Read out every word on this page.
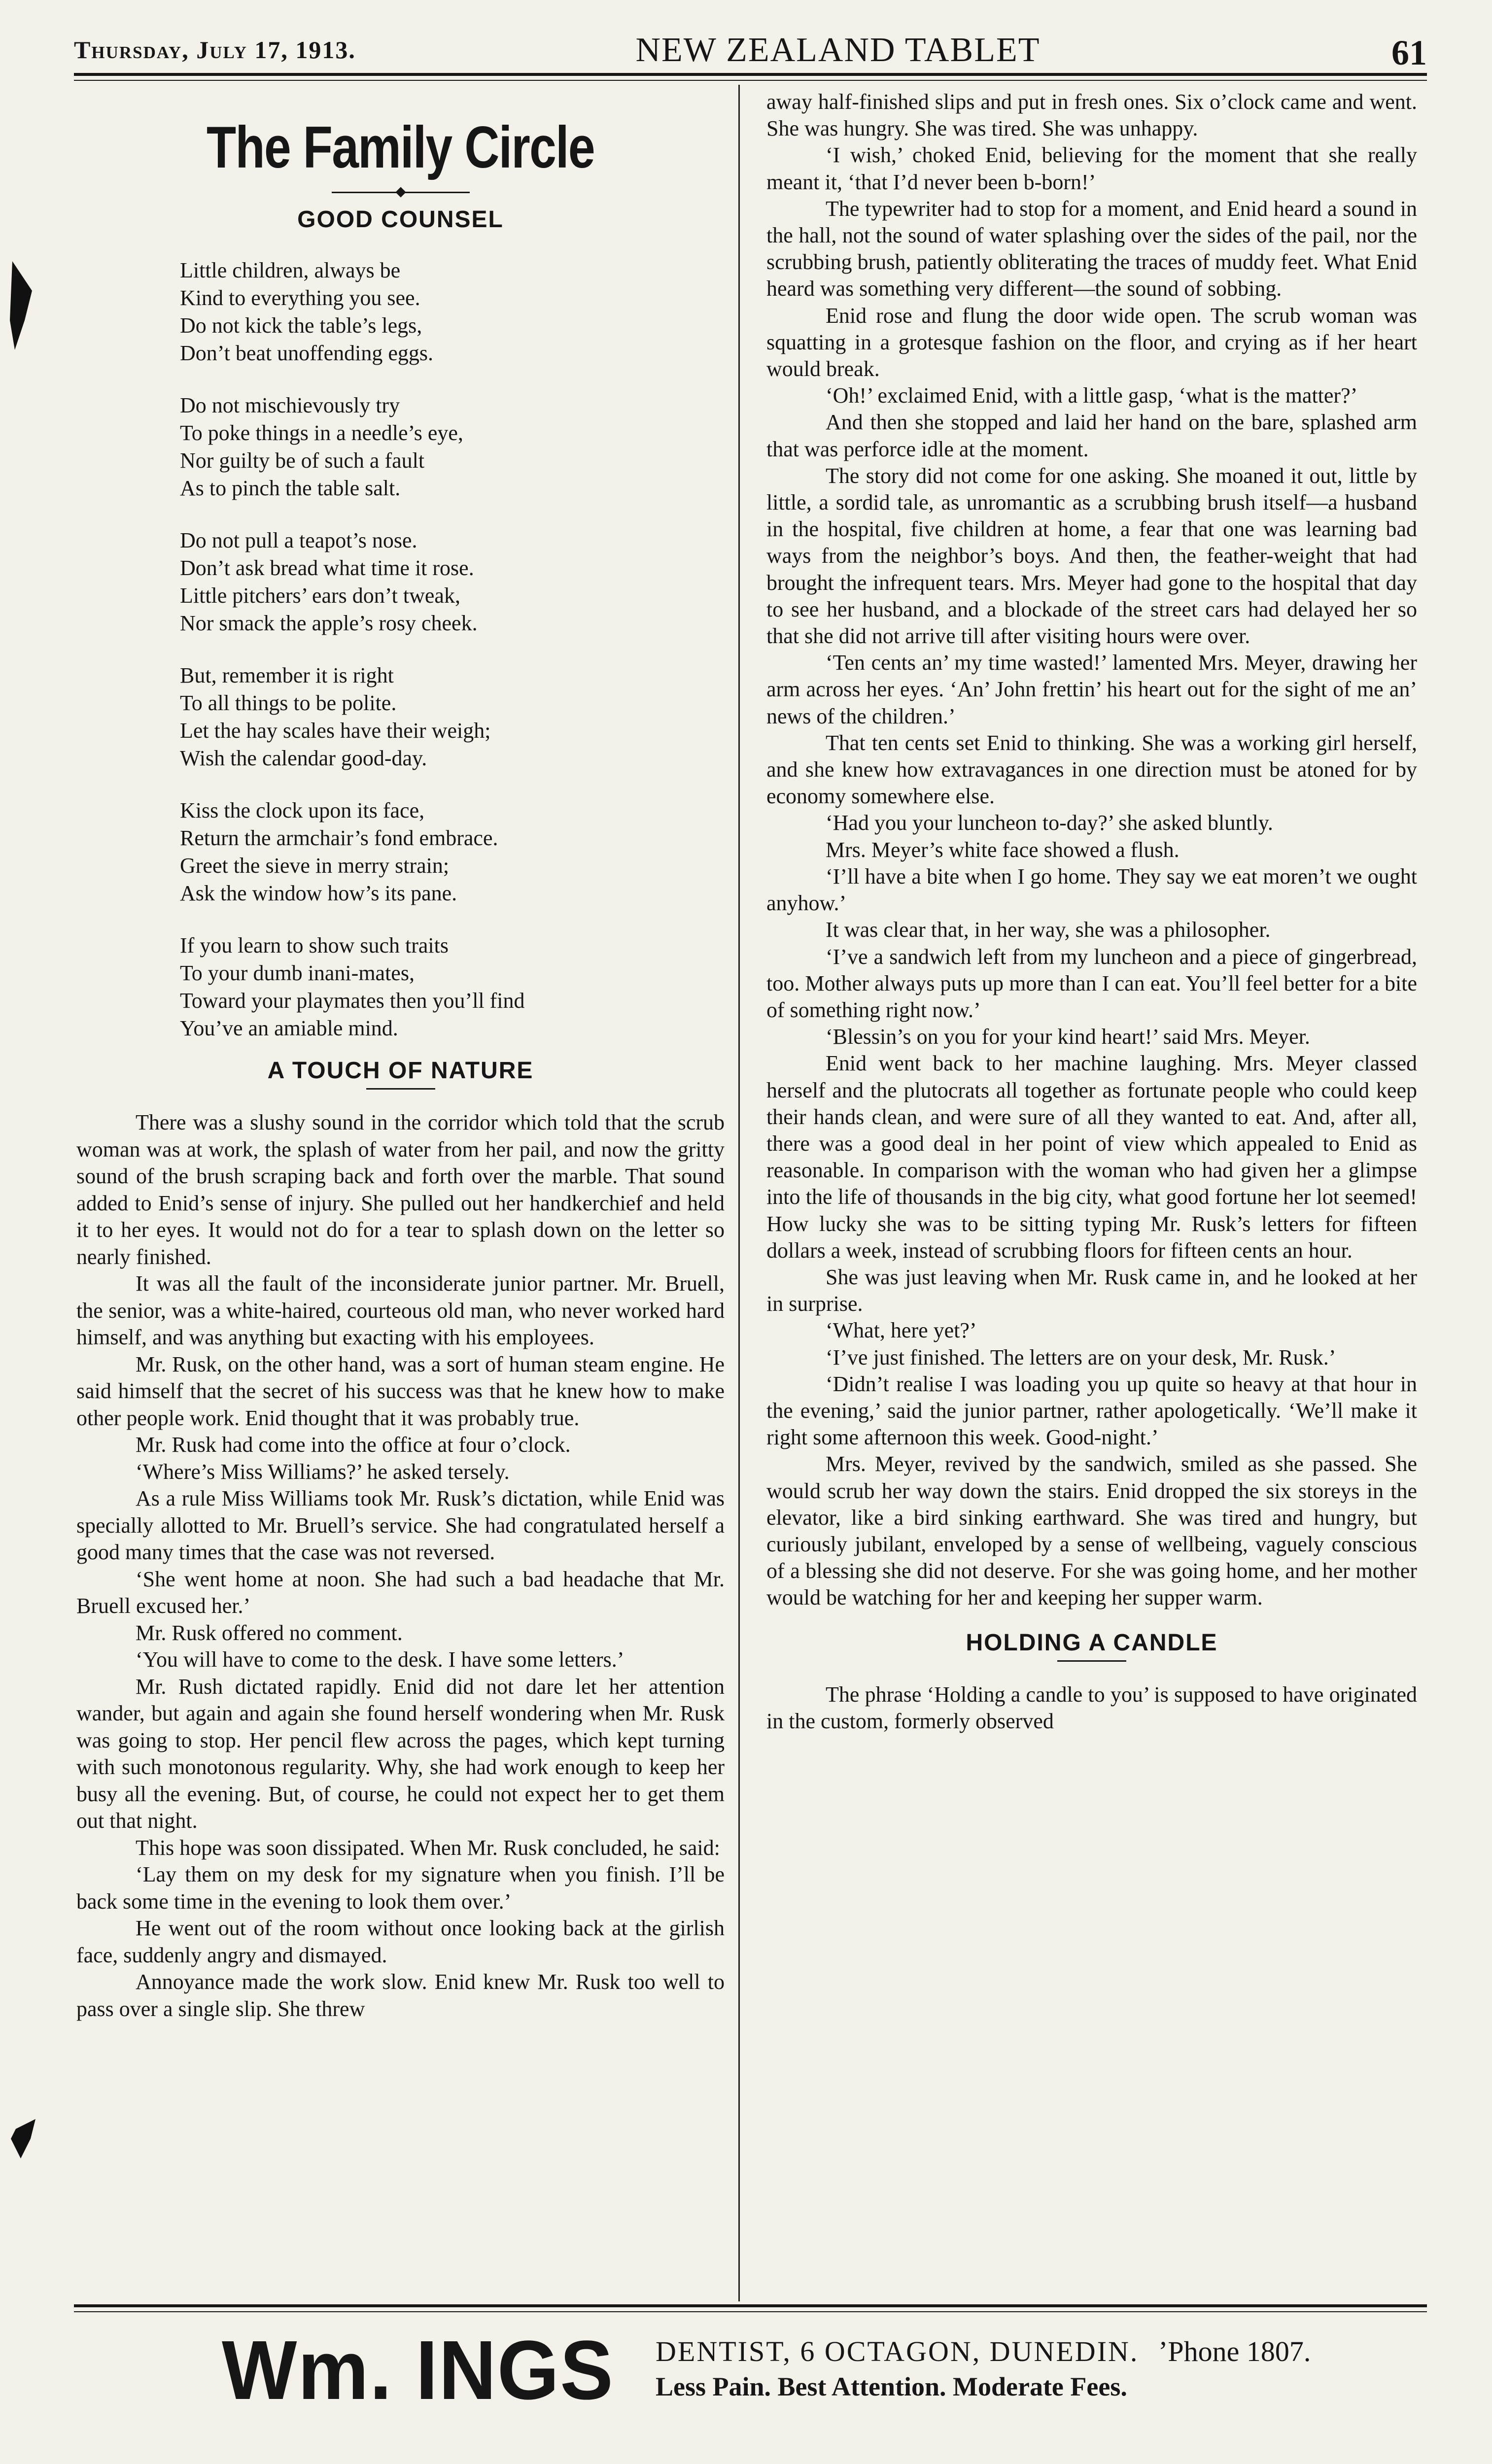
Thursday, July 17, 1913.	NEW ZEALAND TABLET	61
The Family Circle
GOOD COUNSEL
Little children, always be
Kind to everything you see.
Do not kick the table’s legs,
Don’t beat unoffending eggs.
Do not mischievously try
To poke things in a needle’s eye,
Nor guilty be of such a fault
As to pinch the table salt.
Do not pull a teapot’s nose.
Don’t ask bread what time it rose.
Little pitchers’ ears don’t tweak,
Nor smack the apple’s rosy cheek.
But, remember it is right
To all things to be polite.
Let the hay scales have their weigh;
Wish the calendar good-day.
Kiss the clock upon its face,
Return the armchair’s fond embrace.
Greet the sieve in merry strain;
Ask the window how’s its pane.
If you learn to show such traits
To your dumb inani-mates,
Toward your playmates then you’ll find
You’ve an amiable mind.
A TOUCH OF NATURE

There was a slushy sound in the corridor which told that the scrub woman was at work, the splash of water from her pail, and now the gritty sound of the brush scraping back and forth over the marble. That sound added to Enid’s sense of injury. She pulled out her handkerchief and held it to her eyes. It would not do for a tear to splash down on the letter so nearly finished.

It was all the fault of the inconsiderate junior partner. Mr. Bruell, the senior, was a white-haired, courteous old man, who never worked hard himself, and was anything but exacting with his employees.

Mr. Rusk, on the other hand, was a sort of human steam engine. He said himself that the secret of his success was that he knew how to make other people work. Enid thought that it was probably true.

Mr. Rusk had come into the office at four o’clock.

‘Where’s Miss Williams?’ he asked tersely.

As a rule Miss Williams took Mr. Rusk’s dictation, while Enid was specially allotted to Mr. Bruell’s service. She had congratulated herself a good many times that the case was not reversed.

‘She went home at noon. She had such a bad headache that Mr. Bruell excused her.’

Mr. Rusk offered no comment.

‘You will have to come to the desk. I have some letters.’

Mr. Rush dictated rapidly. Enid did not dare let her attention wander, but again and again she found herself wondering when Mr. Rusk was going to stop. Her pencil flew across the pages, which kept turning with such monotonous regularity. Why, she had work enough to keep her busy all the evening. But, of course, he could not expect her to get them out that night.

This hope was soon dissipated. When Mr. Rusk concluded, he said:

‘Lay them on my desk for my signature when you finish. I’ll be back some time in the evening to look them over.’

He went out of the room without once looking back at the girlish face, suddenly angry and dismayed.

Annoyance made the work slow. Enid knew Mr. Rusk too well to pass over a single slip. She threw

away half-finished slips and put in fresh ones. Six o’clock came and went. She was hungry. She was tired. She was unhappy.

‘I wish,’ choked Enid, believing for the moment that she really meant it, ‘that I’d never been b-born!’

The typewriter had to stop for a moment, and Enid heard a sound in the hall, not the sound of water splashing over the sides of the pail, nor the scrubbing brush, patiently obliterating the traces of muddy feet. What Enid heard was something very different—the sound of sobbing.

Enid rose and flung the door wide open. The scrub woman was squatting in a grotesque fashion on the floor, and crying as if her heart would break.

‘Oh!’ exclaimed Enid, with a little gasp, ‘what is the matter?’

And then she stopped and laid her hand on the bare, splashed arm that was perforce idle at the moment.

The story did not come for one asking. She moaned it out, little by little, a sordid tale, as unromantic as a scrubbing brush itself—a husband in the hospital, five children at home, a fear that one was learning bad ways from the neighbor’s boys. And then, the feather-weight that had brought the infrequent tears. Mrs. Meyer had gone to the hospital that day to see her husband, and a blockade of the street cars had delayed her so that she did not arrive till after visiting hours were over.

‘Ten cents an’ my time wasted!’ lamented Mrs. Meyer, drawing her arm across her eyes. ‘An’ John frettin’ his heart out for the sight of me an’ news of the children.’

That ten cents set Enid to thinking. She was a working girl herself, and she knew how extravagances in one direction must be atoned for by economy somewhere else.

‘Had you your luncheon to-day?’ she asked bluntly.

Mrs. Meyer’s white face showed a flush.

‘I’ll have a bite when I go home. They say we eat moren’t we ought anyhow.’

It was clear that, in her way, she was a philosopher.

‘I’ve a sandwich left from my luncheon and a piece of gingerbread, too. Mother always puts up more than I can eat. You’ll feel better for a bite of something right now.’

‘Blessin’s on you for your kind heart!’ said Mrs. Meyer.

Enid went back to her machine laughing. Mrs. Meyer classed herself and the plutocrats all together as fortunate people who could keep their hands clean, and were sure of all they wanted to eat. And, after all, there was a good deal in her point of view which appealed to Enid as reasonable. In comparison with the woman who had given her a glimpse into the life of thousands in the big city, what good fortune her lot seemed! How lucky she was to be sitting typing Mr. Rusk’s letters for fifteen dollars a week, instead of scrubbing floors for fifteen cents an hour.

She was just leaving when Mr. Rusk came in, and he looked at her in surprise.

‘What, here yet?’

‘I’ve just finished. The letters are on your desk, Mr. Rusk.’

‘Didn’t realise I was loading you up quite so heavy at that hour in the evening,’ said the junior partner, rather apologetically. ‘We’ll make it right some afternoon this week. Good-night.’

Mrs. Meyer, revived by the sandwich, smiled as she passed. She would scrub her way down the stairs. Enid dropped the six storeys in the elevator, like a bird sinking earthward. She was tired and hungry, but curiously jubilant, enveloped by a sense of wellbeing, vaguely conscious of a blessing she did not deserve. For she was going home, and her mother would be watching for her and keeping her supper warm.

HOLDING A CANDLE

The phrase ‘Holding a candle to you’ is supposed to have originated in the custom, formerly observed

Wm. INGS DENTIST, 6 OCTAGON, DUNEDIN. ’Phone 1807.
Less Pain. Best Attention. Moderate Fees.
